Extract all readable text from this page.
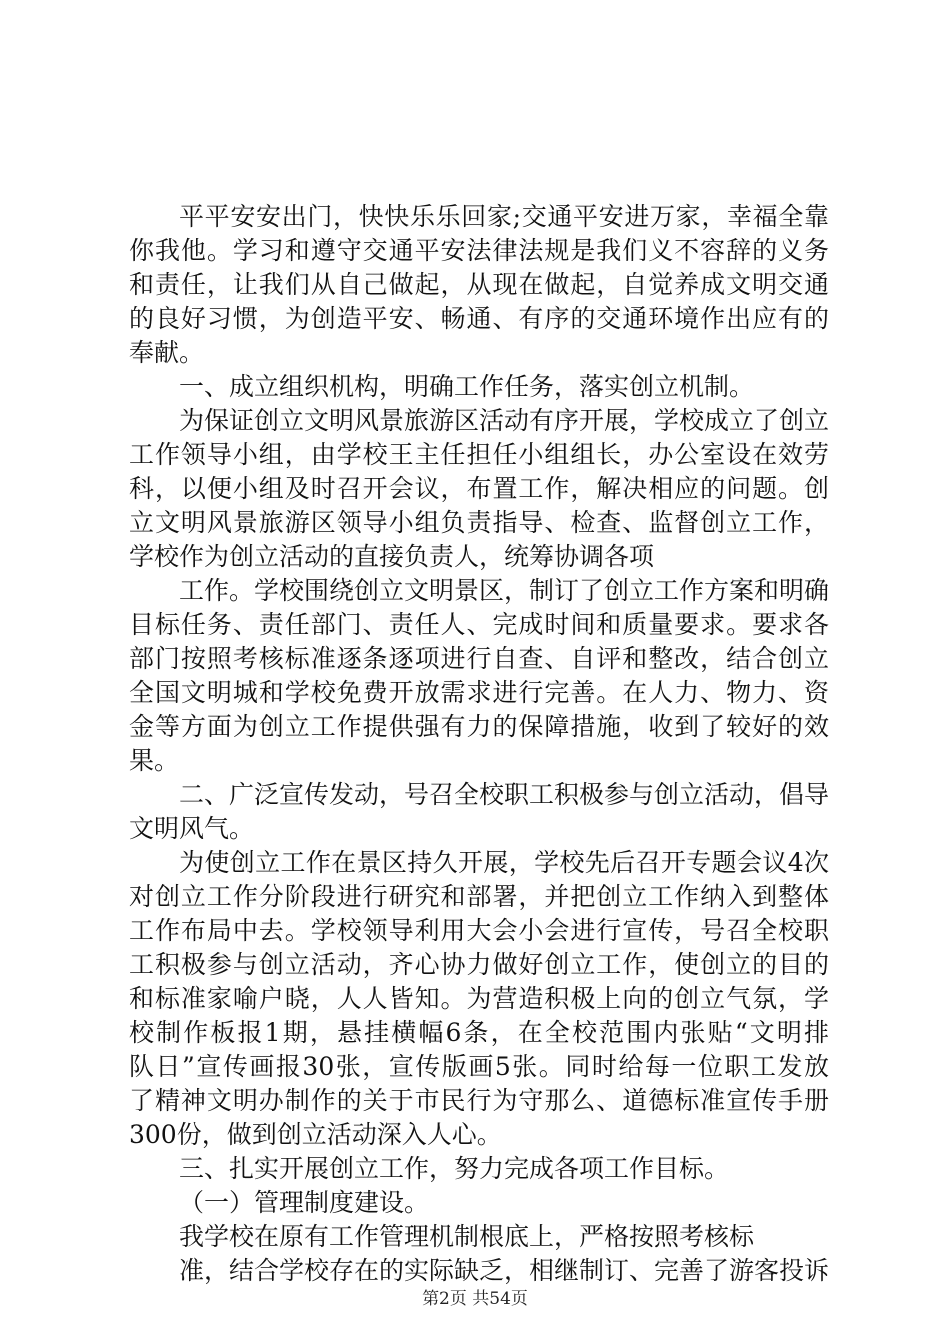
平平安安出门，快快乐乐回家;交通平安进万家，幸福全靠
你我他。学习和遵守交通平安法律法规是我们义不容辞的义务
和责任，让我们从自己做起，从现在做起，自觉养成文明交通
的良好习惯，为创造平安、畅通、有序的交通环境作出应有的
奉献。
一、成立组织机构，明确工作任务，落实创立机制。
为保证创立文明风景旅游区活动有序开展，学校成立了创立
工作领导小组，由学校王主任担任小组组长，办公室设在效劳
科，以便小组及时召开会议，布置工作，解决相应的问题。创
立文明风景旅游区领导小组负责指导、检查、监督创立工作，
学校作为创立活动的直接负责人，统筹协调各项
工作。学校围绕创立文明景区，制订了创立工作方案和明确
目标任务、责任部门、责任人、完成时间和质量要求。要求各
部门按照考核标准逐条逐项进行自查、自评和整改，结合创立
全国文明城和学校免费开放需求进行完善。在人力、物力、资
金等方面为创立工作提供强有力的保障措施，收到了较好的效
果。
二、广泛宣传发动，号召全校职工积极参与创立活动，倡导
文明风气。
为使创立工作在景区持久开展，学校先后召开专题会议4次
对创立工作分阶段进行研究和部署，并把创立工作纳入到整体
工作布局中去。学校领导利用大会小会进行宣传，号召全校职
工积极参与创立活动，齐心协力做好创立工作，使创立的目的
和标准家喻户晓，人人皆知。为营造积极上向的创立气氛，学
校制作板报1期，悬挂横幅6条，在全校范围内张贴“文明排
队日”宣传画报30张，宣传版画5张。同时给每一位职工发放
了精神文明办制作的关于市民行为守那么、道德标准宣传手册
300份，做到创立活动深入人心。
三、扎实开展创立工作，努力完成各项工作目标。
（一）管理制度建设。
我学校在原有工作管理机制根底上，严格按照考核标
准，结合学校存在的实际缺乏，相继制订、完善了游客投诉
第2页 共54页
